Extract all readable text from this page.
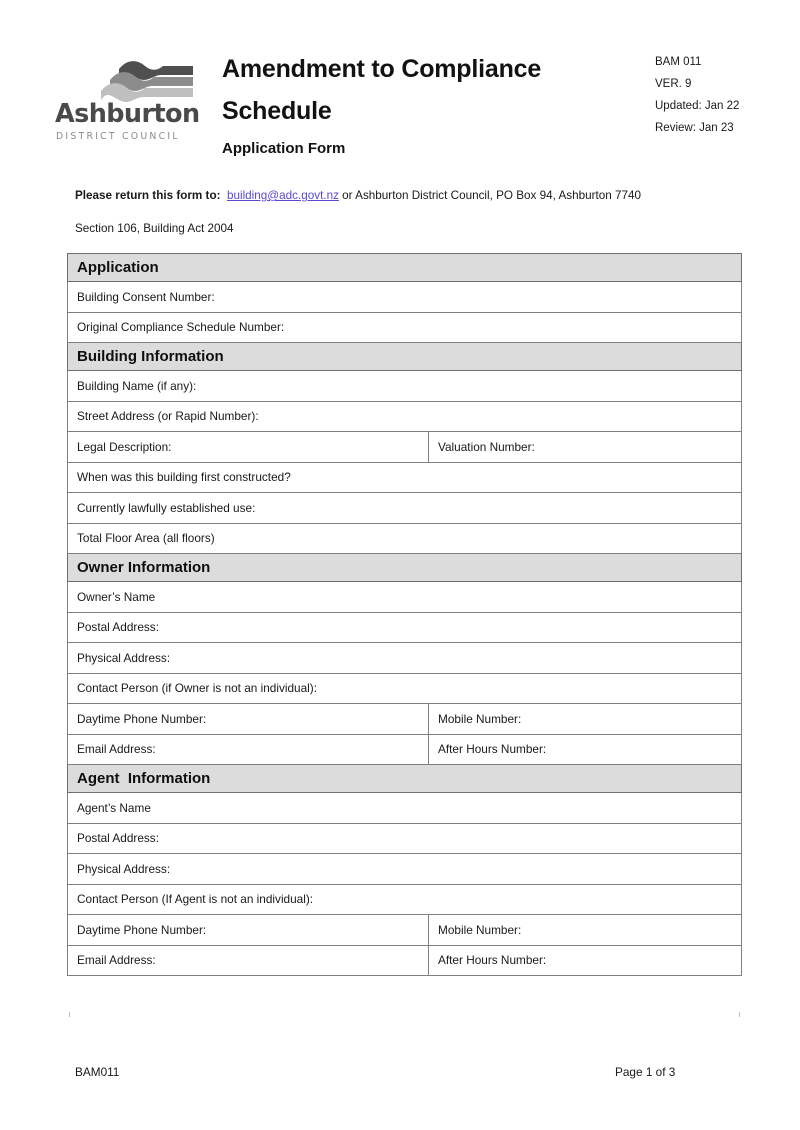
Ashburton
DISTRICT COUNCIL
Amendment to Compliance
Schedule
Application Form
BAM 011
VER. 9
Updated: Jan 22
Review: Jan 23
Please return this form to: building@adc.govt.nz or Ashburton District Council, PO Box 94, Ashburton 7740
Section 106, Building Act 2004
Application	
Building Consent Number:	
Original Compliance Schedule Number:	
Building Information	
Building Name (if any):	
Street Address (or Rapid Number):	
Legal Description:	Valuation Number:
When was this building first constructed?	
Currently lawfully established use:	
Total Floor Area (all floors)	
Owner Information	
Owner’s Name	
Postal Address:	
Physical Address:	
Contact Person (if Owner is not an individual):	
Daytime Phone Number:	Mobile Number:
Email Address:	After Hours Number:
Agent  Information	
Agent’s Name	
Postal Address:	
Physical Address:	
Contact Person (If Agent is not an individual):	
Daytime Phone Number:	Mobile Number:
Email Address:	After Hours Number:
BAM011	Page 1 of 3
